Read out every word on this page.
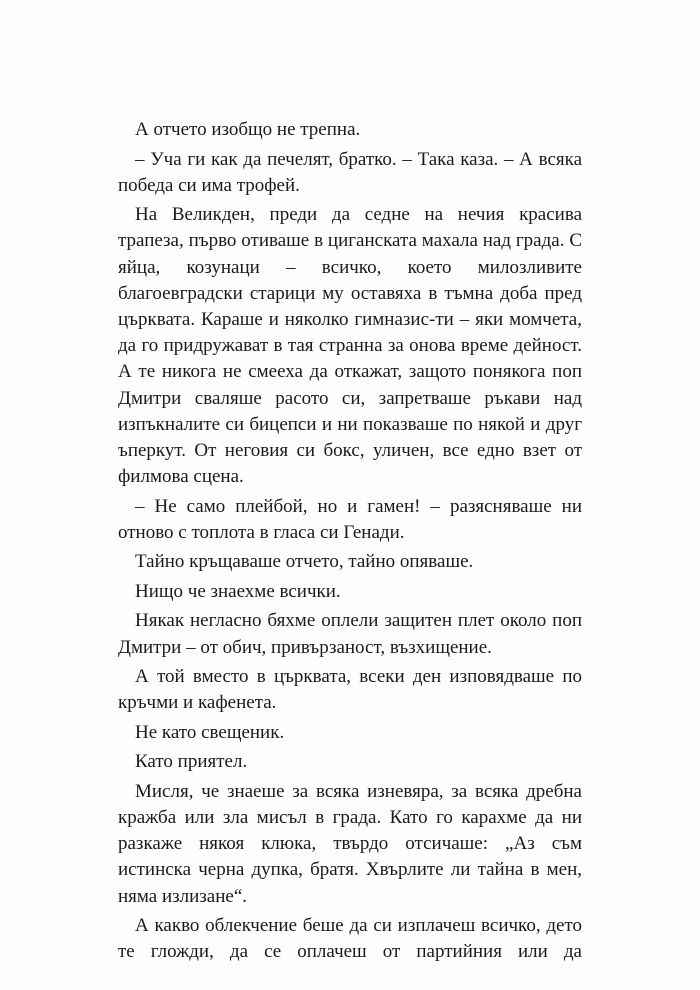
А отчето изобщо не трепна.

– Уча ги как да печелят, братко. – Така каза. – А всяка победа си има трофей.

На Великден, преди да седне на нечия красива трапеза, първо отиваше в циганската махала над града. С яйца, козунаци – всичко, което милозливите благоевградски старици му оставяха в тъмна доба пред църквата. Караше и няколко гимназис-ти – яки момчета, да го придружават в тая странна за онова време дейност. А те никога не смееха да откажат, защото понякога поп Дмитри сваляше расото си, запретваше ръкави над изпъкналите си бицепси и ни показваше по някой и друг ъперкут. От неговия си бокс, уличен, все едно взет от филмова сцена.

– Не само плейбой, но и гамен! – разясняваше ни отново с топлота в гласа си Генади.

Тайно кръщаваше отчето, тайно опяваше.

Нищо че знаехме всички.

Някак негласно бяхме оплели защитен плет около поп Дмитри – от обич, привързаност, възхищение.

А той вместо в църквата, всеки ден изповядваше по кръчми и кафенета.

Не като свещеник.

Като приятел.

Мисля, че знаеше за всяка изневяра, за всяка дребна кражба или зла мисъл в града. Като го карахме да ни разкаже някоя клюка, твърдо отсичаше: „Аз съм истинска черна дупка, братя. Хвърлите ли тайна в мен, няма излизане“.

А какво облекчение беше да си изплачеш всичко, дето те гложди, да се оплачеш от партийния или да
